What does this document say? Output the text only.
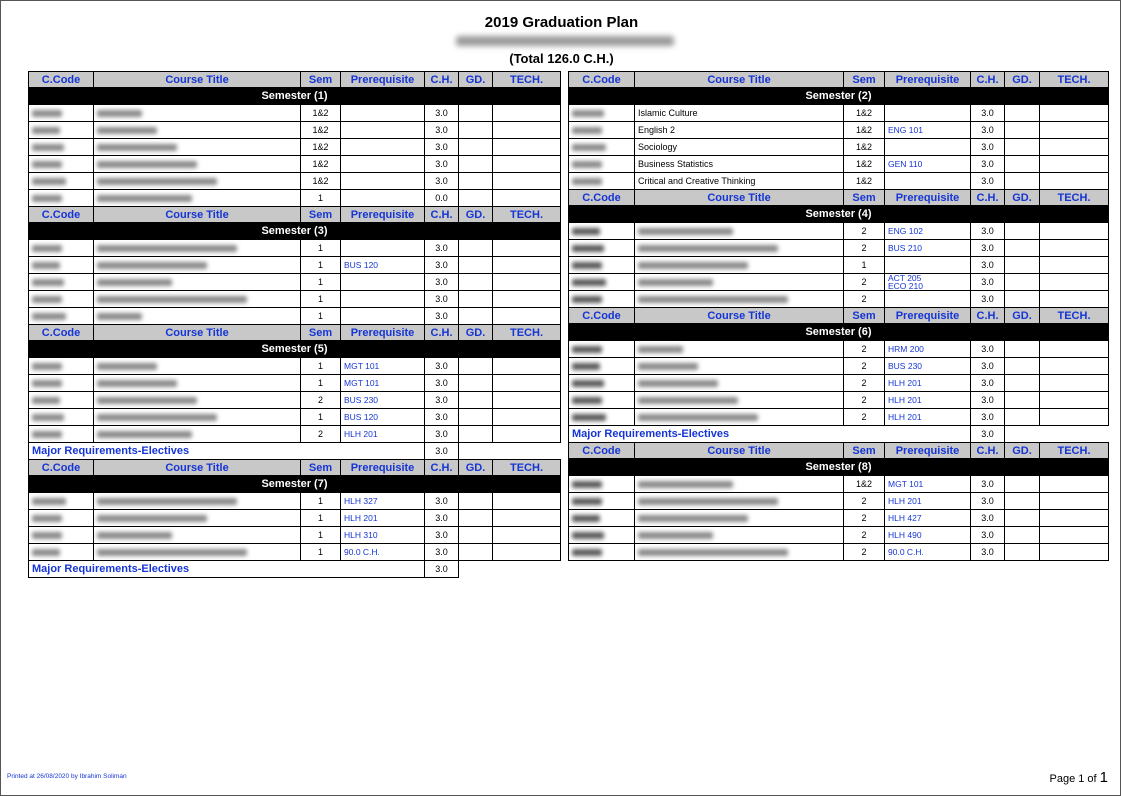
2019 Graduation Plan
(Total 126.0 C.H.)
C.Code	Course Title	Sem	Prerequisite	C.H.	GD.	TECH.
Semester (1)						
		1&2		3.0		
		1&2		3.0		
		1&2		3.0		
		1&2		3.0		
		1&2		3.0		
		1		0.0		
C.Code	Course Title	Sem	Prerequisite	C.H.	GD.	TECH.
Semester (3)						
		1		3.0		
		1	BUS 120	3.0		
		1		3.0		
		1		3.0		
		1		3.0		
C.Code	Course Title	Sem	Prerequisite	C.H.	GD.	TECH.
Semester (5)						
		1	MGT 101	3.0		
		1	MGT 101	3.0		
		2	BUS 230	3.0		
		1	BUS 120	3.0		
		2	HLH 201	3.0		
Major Requirements-Electives				3.0		
C.Code	Course Title	Sem	Prerequisite	C.H.	GD.	TECH.
Semester (7)						
		1	HLH 327	3.0		
		1	HLH 201	3.0		
		1	HLH 310	3.0		
		1	90.0 C.H.	3.0		
Major Requirements-Electives				3.0		
C.Code	Course Title	Sem	Prerequisite	C.H.	GD.	TECH.
Semester (2)						
	Islamic Culture	1&2		3.0		
	English 2	1&2	ENG 101	3.0		
	Sociology	1&2		3.0		
	Business Statistics	1&2	GEN 110	3.0		
	Critical and Creative Thinking	1&2		3.0		
C.Code	Course Title	Sem	Prerequisite	C.H.	GD.	TECH.
Semester (4)						
		2	ENG 102	3.0		
		2	BUS 210	3.0		
		1		3.0		
		2	ACT 205
ECO 210	3.0		
		2		3.0		
C.Code	Course Title	Sem	Prerequisite	C.H.	GD.	TECH.
Semester (6)						
		2	HRM 200	3.0		
		2	BUS 230	3.0		
		2	HLH 201	3.0		
		2	HLH 201	3.0		
		2	HLH 201	3.0		
Major Requirements-Electives				3.0		
C.Code	Course Title	Sem	Prerequisite	C.H.	GD.	TECH.
Semester (8)						
		1&2	MGT 101	3.0		
		2	HLH 201	3.0		
		2	HLH 427	3.0		
		2	HLH 490	3.0		
		2	90.0 C.H.	3.0		
Printed at 26/08/2020 by Ibrahim Soliman	Page 1 of 1
